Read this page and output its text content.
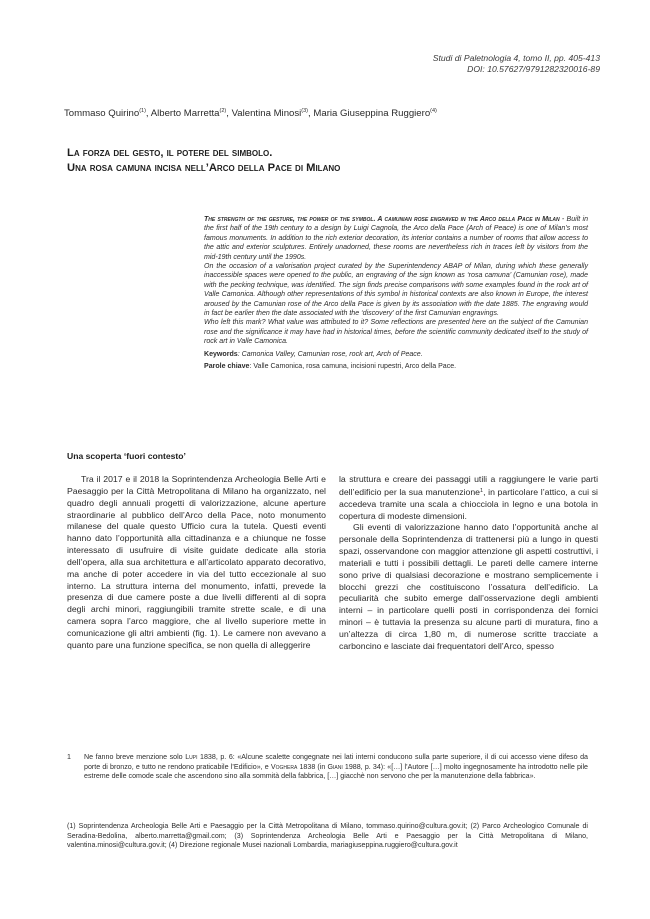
Studi di Paletnologia 4, tomo II, pp. 405-413
DOI: 10.57627/9791282320016-89
Tommaso Quirino$^{(1)}$, Alberto Marretta$^{(2)}$, Valentina Minosi$^{(3)}$, Maria Giuseppina Ruggiero$^{(4)}$
La forza del gesto, il potere del simbolo.
Una rosa camuna incisa nell’Arco della Pace di Milano

The strength of the gesture, the power of the symbol. A camunian rose engraved in the Arco della Pace in Milan - Built in the first half of the 19th century to a design by Luigi Cagnola, the Arco della Pace (Arch of Peace) is one of Milan’s most famous monuments. In addition to the rich exterior decoration, its interior contains a number of rooms that allow access to the attic and exterior sculptures. Entirely unadorned, these rooms are nevertheless rich in traces left by visitors from the mid-19th century until the 1990s.

On the occasion of a valorisation project curated by the Superintendency ABAP of Milan, during which these generally inaccessible spaces were opened to the public, an engraving of the sign known as ‘rosa camuna’ (Camunian rose), made with the pecking technique, was identified. The sign finds precise comparisons with some examples found in the rock art of Valle Camonica. Although other representations of this symbol in historical contexts are also known in Europe, the interest aroused by the Camunian rose of the Arco della Pace is given by its association with the date 1885. The engraving would in fact be earlier then the date associated with the ‘discovery’ of the first Camunian engravings.

Who left this mark? What value was attributed to it? Some reflections are presented here on the subject of the Camunian rose and the significance it may have had in historical times, before the scientific community dedicated itself to the study of rock art in Valle Camonica.

Keywords: Camonica Valley, Camunian rose, rock art, Arch of Peace.

Parole chiave: Valle Camonica, rosa camuna, incisioni rupestri, Arco della Pace.

Una scoperta ‘fuori contesto’

Tra il 2017 e il 2018 la Soprintendenza Archeologia Belle Arti e Paesaggio per la Città Metropolitana di Milano ha organizzato, nel quadro degli annuali progetti di valorizzazione, alcune aperture straordinarie al pubblico dell’Arco della Pace, noto monumento milanese del quale questo Ufficio cura la tutela. Questi eventi hanno dato l’opportunità alla cittadinanza e a chiunque ne fosse interessato di usufruire di visite guidate dedicate alla storia dell’opera, alla sua architettura e all’articolato apparato decorativo, ma anche di poter accedere in via del tutto eccezionale al suo interno. La struttura interna del monumento, infatti, prevede la presenza di due camere poste a due livelli differenti al di sopra degli archi minori, raggiungibili tramite strette scale, e di una camera sopra l’arco maggiore, che al livello superiore mette in comunicazione gli altri ambienti (fig. 1). Le camere non avevano a quanto pare una funzione specifica, se non quella di alleggerire

la struttura e creare dei passaggi utili a raggiungere le varie parti dell’edificio per la sua manutenzione$^1$, in particolare l’attico, a cui si accedeva tramite una scala a chiocciola in legno e una botola in copertura di modeste dimensioni.

Gli eventi di valorizzazione hanno dato l’opportunità anche al personale della Soprintendenza di trattenersi più a lungo in questi spazi, osservandone con maggior attenzione gli aspetti costruttivi, i materiali e tutti i possibili dettagli. Le pareti delle camere interne sono prive di qualsiasi decorazione e mostrano semplicemente i blocchi grezzi che costituiscono l’ossatura dell’edificio. La peculiarità che subito emerge dall’osservazione degli ambienti interni – in particolare quelli posti in corrispondenza dei fornici minori – è tuttavia la presenza su alcune parti di muratura, fino a un’altezza di circa 1,80 m, di numerose scritte tracciate a carboncino e lasciate dai frequentatori dell’Arco, spesso

1 Ne fanno breve menzione solo Lupi 1838, p. 6: «Alcune scalette congegnate nei lati interni conducono sulla parte superiore, il di cui accesso viene difeso da porte di bronzo, e tutto ne rendono praticabile l’Edificio», e Voghera 1838 (in Giani 1988, p. 34): «[…] l’Autore […] molto ingegnosamente ha introdotto nelle pile estreme delle comode scale che ascendono sino alla sommità della fabbrica, […] giacchè non servono che per la manutenzione della fabbrica».
(1) Soprintendenza Archeologia Belle Arti e Paesaggio per la Città Metropolitana di Milano, tommaso.quirino@cultura.gov.it; (2) Parco Archeologico Comunale di Seradina-Bedolina, alberto.marretta@gmail.com; (3) Soprintendenza Archeologia Belle Arti e Paesaggio per la Città Metropolitana di Milano, valentina.minosi@cultura.gov.it; (4) Direzione regionale Musei nazionali Lombardia, mariagiuseppina.ruggiero@cultura.gov.it
